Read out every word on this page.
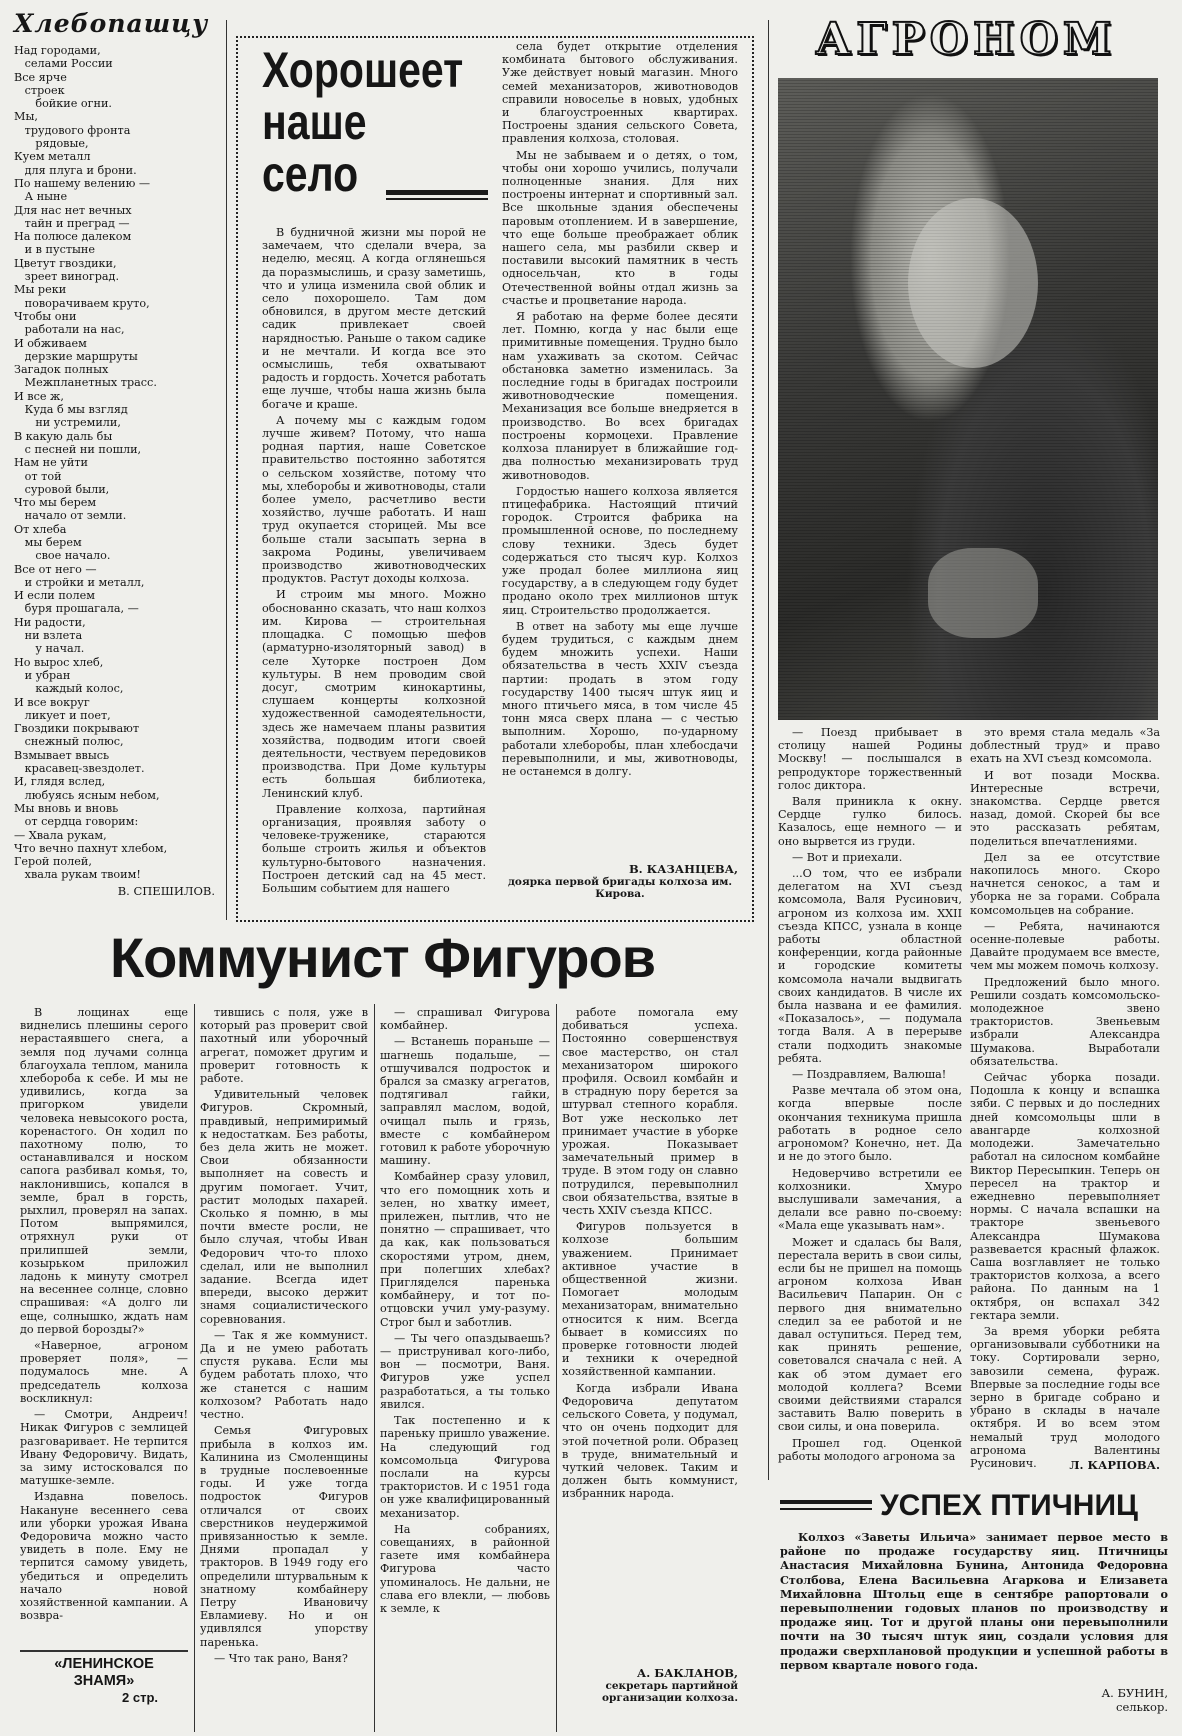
Хлебопашцу
Над городами,
селами России
Все ярче
строек
бойкие огни.
Мы,
трудового фронта
рядовые,
Куем металл
для плуга и брони.
По нашему велению —
А ныне
Для нас нет вечных
тайн и преград —
На полюсе далеком
и в пустыне
Цветут гвоздики,
зреет виноград.
Мы реки
поворачиваем круто,
Чтобы они
работали на нас,
И обживаем
дерзкие маршруты
Загадок полных
Межпланетных трасс.
И все ж,
Куда б мы взгляд
ни устремили,
В какую даль бы
с песней ни пошли,
Нам не уйти
от той
суровой были,
Что мы берем
начало от земли.
От хлеба
мы берем
свое начало.
Все от него —
и стройки и металл,
И если полем
буря прошагала, —
Ни радости,
ни взлета
у начал.
Но вырос хлеб,
и убран
каждый колос,
И все вокруг
ликует и поет,
Гвоздики покрывают
снежный полюс,
Взмывает ввысь
красавец-звездолет.
И, глядя вслед,
любуясь ясным небом,
Мы вновь и вновь
от сердца говорим:
— Хвала рукам,
Что вечно пахнут хлебом,
Герой полей,
хвала рукам твоим!
В. СПЕШИЛОВ.
Хорошеет
наше
село

В будничной жизни мы порой не замечаем, что сделали вчера, за неделю, месяц. А когда оглянешься да поразмыслишь, и сразу заметишь, что и улица изменила свой облик и село похорошело. Там дом обновился, в другом месте детский садик привлекает своей нарядностью. Раньше о таком садике и не мечтали. И когда все это осмыслишь, тебя охватывают радость и гордость. Хочется работать еще лучше, чтобы наша жизнь была богаче и краше.

А почему мы с каждым годом лучше живем? Потому, что наша родная партия, наше Советское правительство постоянно заботятся о сельском хозяйстве, потому что мы, хлеборобы и животноводы, стали более умело, расчетливо вести хозяйство, лучше работать. И наш труд окупается сторицей. Мы все больше стали засыпать зерна в закрома Родины, увеличиваем производство животноводческих продуктов. Растут доходы колхоза.

И строим мы много. Можно обоснованно сказать, что наш колхоз им. Кирова — строительная площадка. С помощью шефов (арматурно-изоляторный завод) в селе Хуторке построен Дом культуры. В нем проводим свой досуг, смотрим кинокартины, слушаем концерты колхозной художественной самодеятельности, здесь же намечаем планы развития хозяйства, подводим итоги своей деятельности, чествуем передовиков производства. При Доме культуры есть большая библиотека, Ленинский клуб.

Правление колхоза, партийная организация, проявляя заботу о человеке-труженике, стараются больше строить жилья и объектов культурно-бытового назначения. Построен детский сад на 45 мест. Большим событием для нашего

села будет открытие отделения комбината бытового обслуживания. Уже действует новый магазин. Много семей механизаторов, животноводов справили новоселье в новых, удобных и благоустроенных квартирах. Построены здания сельского Совета, правления колхоза, столовая.

Мы не забываем и о детях, о том, чтобы они хорошо учились, получали полноценные знания. Для них построены интернат и спортивный зал. Все школьные здания обеспечены паровым отоплением. И в завершение, что еще больше преображает облик нашего села, мы разбили сквер и поставили высокий памятник в честь односельчан, кто в годы Отечественной войны отдал жизнь за счастье и процветание народа.

Я работаю на ферме более десяти лет. Помню, когда у нас были еще примитивные помещения. Трудно было нам ухаживать за скотом. Сейчас обстановка заметно изменилась. За последние годы в бригадах построили животноводческие помещения. Механизация все больше внедряется в производство. Во всех бригадах построены кормоцехи. Правление колхоза планирует в ближайшие год-два полностью механизировать труд животноводов.

Гордостью нашего колхоза является птицефабрика. Настоящий птичий городок. Строится фабрика на промышленной основе, по последнему слову техники. Здесь будет содержаться сто тысяч кур. Колхоз уже продал более миллиона яиц государству, а в следующем году будет продано около трех миллионов штук яиц. Строительство продолжается.

В ответ на заботу мы еще лучше будем трудиться, с каждым днем будем множить успехи. Наши обязательства в честь XXIV съезда партии: продать в этом году государству 1400 тысяч штук яиц и много птичьего мяса, в том числе 45 тонн мяса сверх плана — с честью выполним. Хорошо, по-ударному работали хлеборобы, план хлебосдачи перевыполнили, и мы, животноводы, не останемся в долгу.

В. КАЗАНЦЕВА,
доярка первой бригады колхоза им. Кирова.
АГРОНОМ

— Поезд прибывает в столицу нашей Родины Москву! — послышался в репродукторе торжественный голос диктора.

Валя приникла к окну. Сердце гулко билось. Казалось, еще немного — и оно вырвется из груди.

— Вот и приехали.

...О том, что ее избрали делегатом на XVI съезд комсомола, Валя Русинович, агроном из колхоза им. XXII съезда КПСС, узнала в конце работы областной конференции, когда районные и городские комитеты комсомола начали выдвигать своих кандидатов. В числе их была названа и ее фамилия. «Показалось», — подумала тогда Валя. А в перерыве стали подходить знакомые ребята.

— Поздравляем, Валюша!

Разве мечтала об этом она, когда впервые после окончания техникума пришла работать в родное село агрономом? Конечно, нет. Да и не до этого было.

Недоверчиво встретили ее колхозники. Хмуро выслушивали замечания, а делали все равно по-своему: «Мала еще указывать нам».

Может и сдалась бы Валя, перестала верить в свои силы, если бы не пришел на помощь агроном колхоза Иван Васильевич Папарин. Он с первого дня внимательно следил за ее работой и не давал оступиться. Перед тем, как принять решение, советовался сначала с ней. А как об этом думает его молодой коллега? Всеми своими действиями старался заставить Валю поверить в свои силы, и она поверила.

Прошел год. Оценкой работы молодого агронома за

это время стала медаль «За доблестный труд» и право ехать на XVI съезд комсомола.

И вот позади Москва. Интересные встречи, знакомства. Сердце рвется назад, домой. Скорей бы все это рассказать ребятам, поделиться впечатлениями.

Дел за ее отсутствие накопилось много. Скоро начнется сенокос, а там и уборка не за горами. Собрала комсомольцев на собрание.

— Ребята, начинаются осенне-полевые работы. Давайте продумаем все вместе, чем мы можем помочь колхозу.

Предложений было много. Решили создать комсомольско-молодежное звено трактористов. Звеньевым избрали Александра Шумакова. Выработали обязательства.

Сейчас уборка позади. Подошла к концу и вспашка зяби. С первых и до последних дней комсомольцы шли в авангарде колхозной молодежи. Замечательно работал на силосном комбайне Виктор Пересыпкин. Теперь он пересел на трактор и ежедневно перевыполняет нормы. С начала вспашки на тракторе звеньевого Александра Шумакова развевается красный флажок. Саша возглавляет не только трактористов колхоза, а всего района. По данным на 1 октября, он вспахал 342 гектара земли.

За время уборки ребята организовывали субботники на току. Сортировали зерно, завозили семена, фураж. Впервые за последние годы все зерно в бригаде собрано и убрано в склады в начале октября. И во всем этом немалый труд молодого агронома Валентины Русинович.	Л. КАРПОВА.
УСПЕХ ПТИЧНИЦ
Колхоз «Заветы Ильича» занимает первое место в районе по продаже государству яиц. Птичницы Анастасия Михайловна Бунина, Антонида Федоровна Столбова, Елена Васильевна Агаркова и Елизавета Михайловна Штольц еще в сентябре рапортовали о перевыполнении годовых планов по производству и продаже яиц. Тот и другой планы они перевыполнили почти на 30 тысяч штук яиц, создали условия для продажи сверхплановой продукции и успешной работы в первом квартале нового года.
А. БУНИН,
селькор.
Коммунист Фигуров

В лощинах еще виднелись плешины серого нерастаявшего снега, а земля под лучами солнца благоухала теплом, манила хлебороба к себе. И мы не удивились, когда за пригорком увидели человека невысокого роста, коренастого. Он ходил по пахотному полю, то останавливался и носком сапога разбивал комья, то, наклонившись, копался в земле, брал в горсть, рыхлил, проверял на запах. Потом выпрямился, отряхнул руки от прилипшей земли, козырьком приложил ладонь к минуту смотрел на весеннее солнце, словно спрашивая: «А долго ли еще, солнышко, ждать нам до первой борозды?»

«Наверное, агроном проверяет поля», — подумалось мне. А председатель колхоза воскликнул:

— Смотри, Андреич! Никак Фигуров с землицей разговаривает. Не терпится Ивану Федоровичу. Видать, за зиму истосковался по матушке-земле.

Издавна повелось. Накануне весеннего сева или уборки урожая Ивана Федоровича можно часто увидеть в поле. Ему не терпится самому увидеть, убедиться и определить начало новой хозяйственной кампании. А возвра-

тившись с поля, уже в который раз проверит свой пахотный или уборочный агрегат, поможет другим и проверит готовность к работе.

Удивительный человек Фигуров. Скромный, правдивый, непримиримый к недостаткам. Без работы, без дела жить не может. Свои обязанности выполняет на совесть и другим помогает. Учит, растит молодых пахарей. Сколько я помню, в мы почти вместе росли, не было случая, чтобы Иван Федорович что-то плохо сделал, или не выполнил задание. Всегда идет впереди, высоко держит знамя социалистического соревнования.

— Так я же коммунист. Да и не умею работать спустя рукава. Если мы будем работать плохо, что же станется с нашим колхозом? Работать надо честно.

Семья Фигуровых прибыла в колхоз им. Калинина из Смоленщины в трудные послевоенные годы. И уже тогда подросток Фигуров отличался от своих сверстников неудержимой привязанностью к земле. Днями пропадал у тракторов. В 1949 году его определили штурвальным к знатному комбайнеру Петру Ивановичу Евламиеву. Но и он удивлялся упорству паренька.

— Что так рано, Ваня?

— спрашивал Фигурова комбайнер.

— Встанешь пораньше — шагнешь подальше, — отшучивался подросток и брался за смазку агрегатов, подтягивал гайки, заправлял маслом, водой, очищал пыль и грязь, вместе с комбайнером готовил к работе уборочную машину.

Комбайнер сразу уловил, что его помощник хоть и зелен, но хватку имеет, прилежен, пытлив, что не понятно — спрашивает, что да как, как пользоваться скоростями утром, днем, при полегших хлебах? Пригляделся паренька комбайнеру, и тот по-отцовски учил уму-разуму. Строг был и заботлив.

— Ты чего опаздываешь? — приструнивал кого-либо, вон — посмотри, Ваня. Фигуров уже успел разработаться, а ты только явился.

Так постепенно и к пареньку пришло уважение. На следующий год комсомольца Фигурова послали на курсы трактористов. И с 1951 года он уже квалифицированный механизатор.

На собраниях, совещаниях, в районной газете имя комбайнера Фигурова часто упоминалось. Не дальни, не слава его влекли, — любовь к земле, к

работе помогала ему добиваться успеха. Постоянно совершенствуя свое мастерство, он стал механизатором широкого профиля. Освоил комбайн и в страдную пору берется за штурвал степного корабля. Вот уже несколько лет принимает участие в уборке урожая. Показывает замечательный пример в труде. В этом году он славно потрудился, перевыполнил свои обязательства, взятые в честь XXIV съезда КПСС.

Фигуров пользуется в колхозе большим уважением. Принимает активное участие в общественной жизни. Помогает молодым механизаторам, внимательно относится к ним. Всегда бывает в комиссиях по проверке готовности людей и техники к очередной хозяйственной кампании.

Когда избрали Ивана Федоровича депутатом сельского Совета, у подумал, что он очень подходит для этой почетной роли. Образец в труде, внимательный и чуткий человек. Таким и должен быть коммунист, избранник народа.

А. БАКЛАНОВ,
секретарь партийной организации колхоза.
«ЛЕНИНСКОЕ ЗНАМЯ»
2 стр.
